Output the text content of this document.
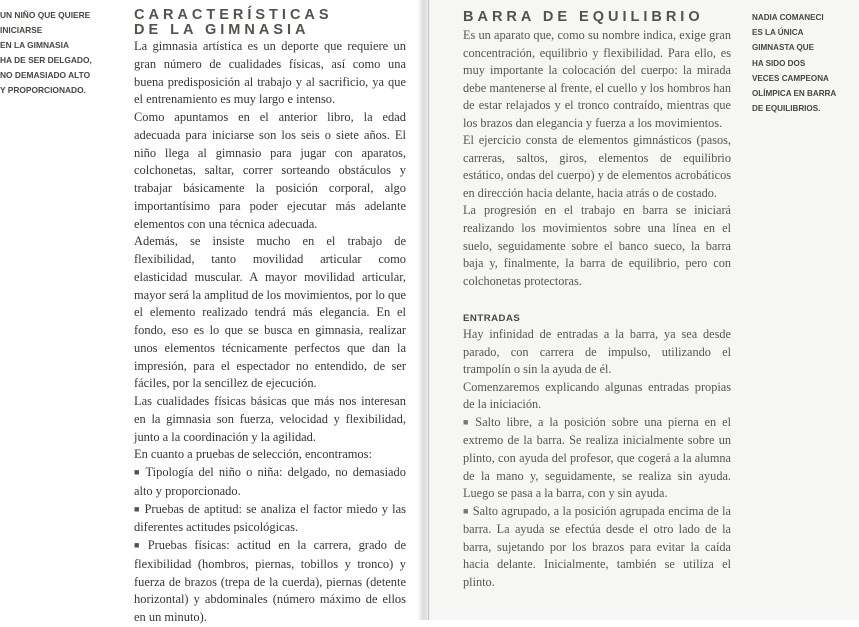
UN NIÑO QUE QUIERE
INICIARSE
EN LA GIMNASIA
HA DE SER DELGADO,
NO DEMASIADO ALTO
Y PROPORCIONADO.
CARACTERÍSTICAS
DE LA GIMNASIA

La gimnasia artística es un deporte que requiere un gran número de cualidades físicas, así como una buena predisposición al trabajo y al sacrificio, ya que el entrenamiento es muy largo e intenso.

Como apuntamos en el anterior libro, la edad adecuada para iniciarse son los seis o siete años. El niño llega al gimnasio para jugar con aparatos, colchonetas, saltar, correr sorteando obstáculos y trabajar básicamente la posición corporal, algo importantísimo para poder ejecutar más adelante elementos con una técnica adecuada.

Además, se insiste mucho en el trabajo de flexibilidad, tanto movilidad articular como elasticidad muscular. A mayor movilidad articular, mayor será la amplitud de los movimientos, por lo que el elemento realizado tendrá más elegancia. En el fondo, eso es lo que se busca en gimnasia, realizar unos elementos técnicamente perfectos que dan la impresión, para el espectador no entendido, de ser fáciles, por la sencillez de ejecución.

Las cualidades físicas básicas que más nos interesan en la gimnasia son fuerza, velocidad y flexibilidad, junto a la coordinación y la agilidad.

En cuanto a pruebas de selección, encontramos:

■ Tipología del niño o niña: delgado, no demasiado alto y proporcionado.

■ Pruebas de aptitud: se analiza el factor miedo y las diferentes actitudes psicológicas.

■ Pruebas físicas: actitud en la carrera, grado de flexibilidad (hombros, piernas, tobillos y tronco) y fuerza de brazos (trepa de la cuerda), piernas (detente horizontal) y abdominales (número máximo de ellos en un minuto).

BARRA DE EQUILIBRIO

Es un aparato que, como su nombre indica, exige gran concentración, equilibrio y flexibilidad. Para ello, es muy importante la colocación del cuerpo: la mirada debe mantenerse al frente, el cuello y los hombros han de estar relajados y el tronco contraído, mientras que los brazos dan elegancia y fuerza a los movimientos.

El ejercicio consta de elementos gimnásticos (pasos, carreras, saltos, giros, elementos de equilibrio estático, ondas del cuerpo) y de elementos acrobáticos en dirección hacia delante, hacia atrás o de costado.

La progresión en el trabajo en barra se iniciará realizando los movimientos sobre una línea en el suelo, seguidamente sobre el banco sueco, la barra baja y, finalmente, la barra de equilibrio, pero con colchonetas protectoras.

ENTRADAS

Hay infinidad de entradas a la barra, ya sea desde parado, con carrera de impulso, utilizando el trampolín o sin la ayuda de él.

Comenzaremos explicando algunas entradas propias de la iniciación.

■ Salto libre, a la posición sobre una pierna en el extremo de la barra. Se realiza inicialmente sobre un plinto, con ayuda del profesor, que cogerá a la alumna de la mano y, seguidamente, se realiza sin ayuda. Luego se pasa a la barra, con y sin ayuda.

■ Salto agrupado, a la posición agrupada encima de la barra. La ayuda se efectúa desde el otro lado de la barra, sujetando por los brazos para evitar la caída hacia delante. Inicialmente, también se utiliza el plinto.

NADIA COMANECI
ES LA ÚNICA
GIMNASTA QUE
HA SIDO DOS
VECES CAMPEONA
OLÍMPICA EN BARRA
DE EQUILIBRIOS.
